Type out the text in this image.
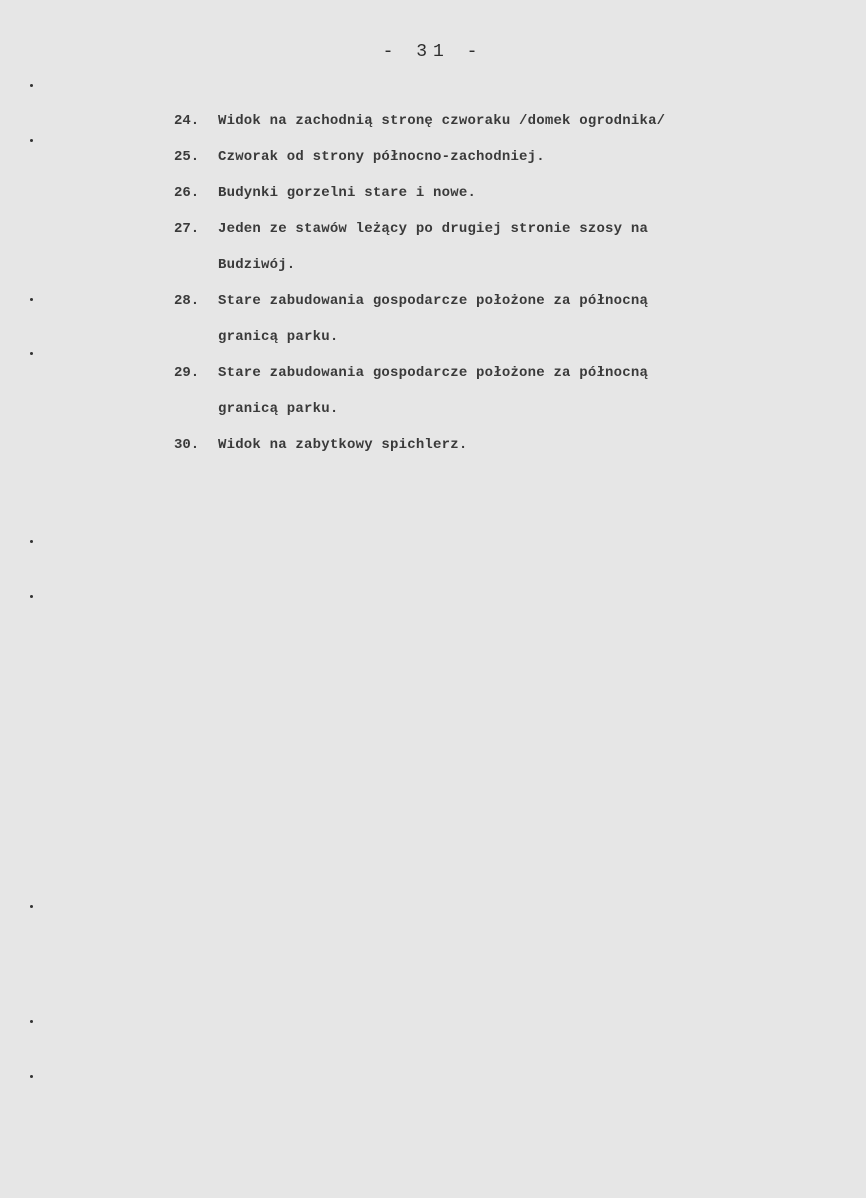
- 31 -
24.	Widok na zachodnią stronę czworaku /domek ogrodnika/
25.	Czworak od strony północno-zachodniej.
26.	Budynki gorzelni stare i nowe.
27.	Jeden ze stawów leżący po drugiej stronie szosy na
Budziwój.
28.	Stare zabudowania gospodarcze położone za północną
granicą parku.
29.	Stare zabudowania gospodarcze położone za północną
granicą parku.
30.	Widok na zabytkowy spichlerz.
